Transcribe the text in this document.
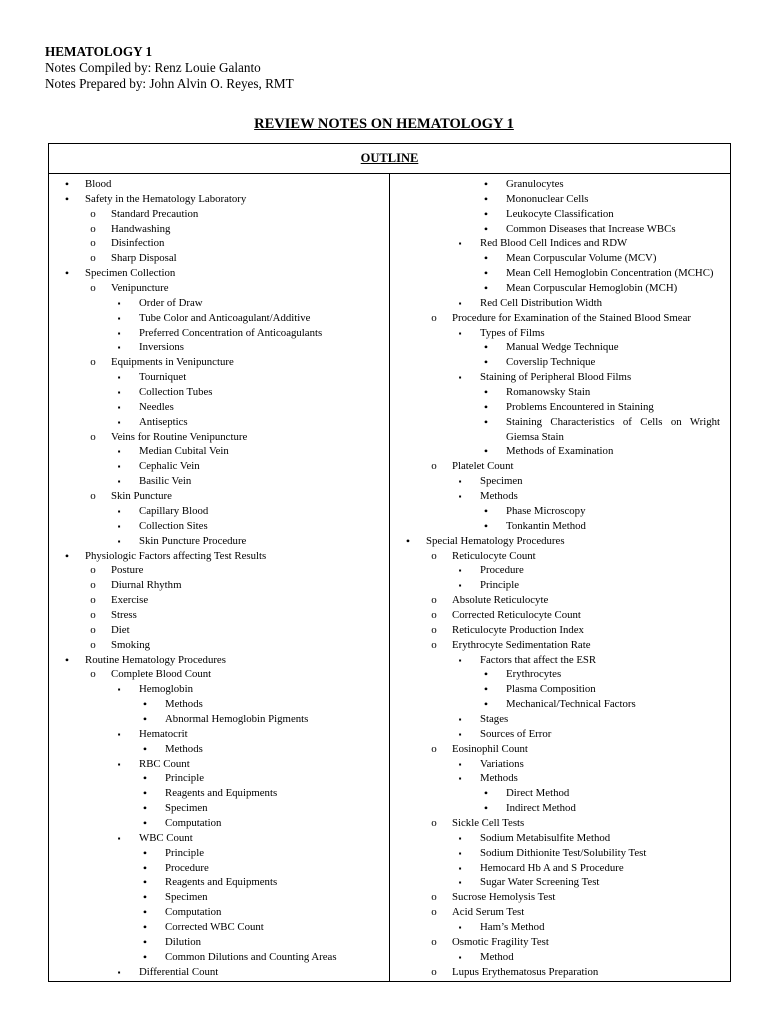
HEMATOLOGY 1
Notes Compiled by: Renz Louie Galanto
Notes Prepared by: John Alvin O. Reyes, RMT
REVIEW NOTES ON HEMATOLOGY 1
OUTLINE
•	Blood
•	Safety in the Hematology Laboratory
o	Standard Precaution
o	Handwashing
o	Disinfection
o	Sharp Disposal
•	Specimen Collection
o	Venipuncture
▪	Order of Draw
▪	Tube Color and Anticoagulant/Additive
▪	Preferred Concentration of Anticoagulants
▪	Inversions
o	Equipments in Venipuncture
▪	Tourniquet
▪	Collection Tubes
▪	Needles
▪	Antiseptics
o	Veins for Routine Venipuncture
▪	Median Cubital Vein
▪	Cephalic Vein
▪	Basilic Vein
o	Skin Puncture
▪	Capillary Blood
▪	Collection Sites
▪	Skin Puncture Procedure
•	Physiologic Factors affecting Test Results
o	Posture
o	Diurnal Rhythm
o	Exercise
o	Stress
o	Diet
o	Smoking
•	Routine Hematology Procedures
o	Complete Blood Count
▪	Hemoglobin
•	Methods
•	Abnormal Hemoglobin Pigments
▪	Hematocrit
•	Methods
▪	RBC Count
•	Principle
•	Reagents and Equipments
•	Specimen
•	Computation
▪	WBC Count
•	Principle
•	Procedure
•	Reagents and Equipments
•	Specimen
•	Computation
•	Corrected WBC Count
•	Dilution
•	Common Dilutions and Counting Areas
▪	Differential Count
•	Granulocytes
•	Mononuclear Cells
•	Leukocyte Classification
•	Common Diseases that Increase WBCs
▪	Red Blood Cell Indices and RDW
•	Mean Corpuscular Volume (MCV)
•	Mean Cell Hemoglobin Concentration (MCHC)
•	Mean Corpuscular Hemoglobin (MCH)
▪	Red Cell Distribution Width
o	Procedure for Examination of the Stained Blood Smear
▪	Types of Films
•	Manual Wedge Technique
•	Coverslip Technique
▪	Staining of Peripheral Blood Films
•	Romanowsky Stain
•	Problems Encountered in Staining
•	Staining Characteristics of Cells on Wright
Giemsa Stain
•	Methods of Examination
o	Platelet Count
▪	Specimen
▪	Methods
•	Phase Microscopy
•	Tonkantin Method
•	Special Hematology Procedures
o	Reticulocyte Count
▪	Procedure
▪	Principle
o	Absolute Reticulocyte
o	Corrected Reticulocyte Count
o	Reticulocyte Production Index
o	Erythrocyte Sedimentation Rate
▪	Factors that affect the ESR
•	Erythrocytes
•	Plasma Composition
•	Mechanical/Technical Factors
▪	Stages
▪	Sources of Error
o	Eosinophil Count
▪	Variations
▪	Methods
•	Direct Method
•	Indirect Method
o	Sickle Cell Tests
▪	Sodium Metabisulfite Method
▪	Sodium Dithionite Test/Solubility Test
▪	Hemocard Hb A and S Procedure
▪	Sugar Water Screening Test
o	Sucrose Hemolysis Test
o	Acid Serum Test
▪	Ham’s Method
o	Osmotic Fragility Test
▪	Method
o	Lupus Erythematosus Preparation
